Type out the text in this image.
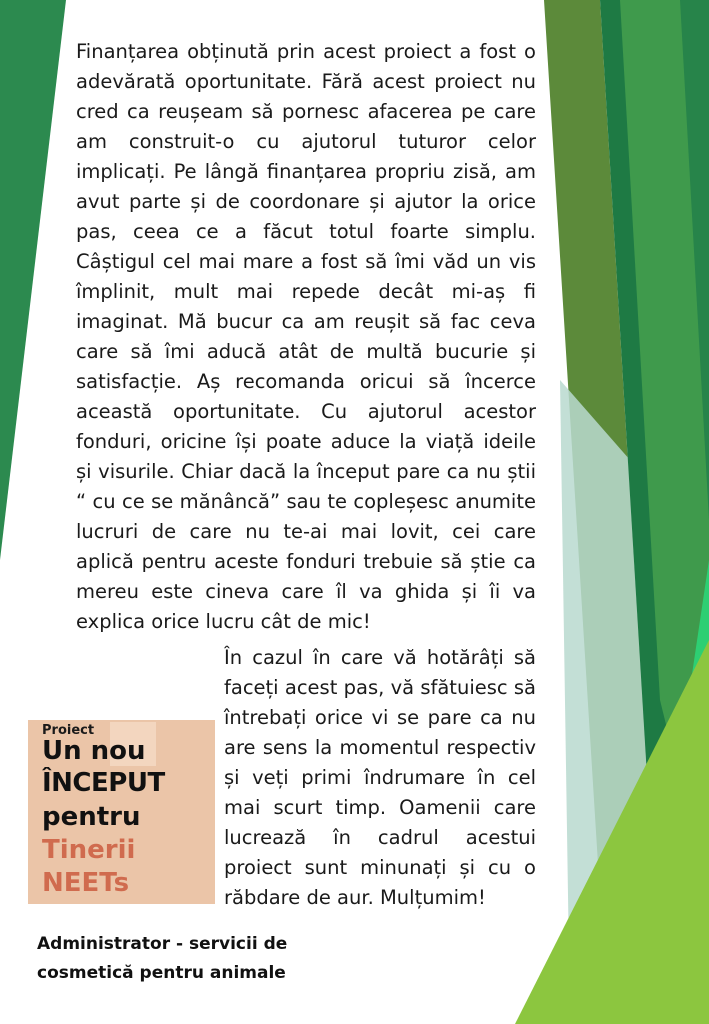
Finanțarea obținută prin acest proiect a fost o adevărată oportunitate. Fără acest proiect nu cred ca reușeam să pornesc afacerea pe care am construit-o cu ajutorul tuturor celor implicați. Pe lângă finanțarea propriu zisă, am avut parte și de coordonare și ajutor la orice pas, ceea ce a făcut totul foarte simplu. Câștigul cel mai mare a fost să îmi văd un vis împlinit, mult mai repede decât mi-aș fi imaginat. Mă bucur ca am reușit să fac ceva care să îmi aducă atât de multă bucurie și satisfacție. Aș recomanda oricui să încerce această oportunitate. Cu ajutorul acestor fonduri, oricine își poate aduce la viață ideile și visurile. Chiar dacă la început pare ca nu știi “ cu ce se mănâncă” sau te copleșesc anumite lucruri de care nu te-ai mai lovit, cei care aplică pentru aceste fonduri trebuie să știe ca mereu este cineva care îl va ghida și îi va explica orice lucru cât de mic!
În cazul în care vă hotărâți să faceți acest pas, vă sfătuiesc să întrebați orice vi se pare ca nu are sens la momentul respectiv și veți primi îndrumare în cel mai scurt timp. Oamenii care lucrează în cadrul acestui proiect sunt minunați și cu o răbdare de aur. Mulțumim!
Proiect
Un nou
ÎNCEPUT
pentru
Tinerii
NEETs
Administrator - servicii de cosmetică pentru animale
